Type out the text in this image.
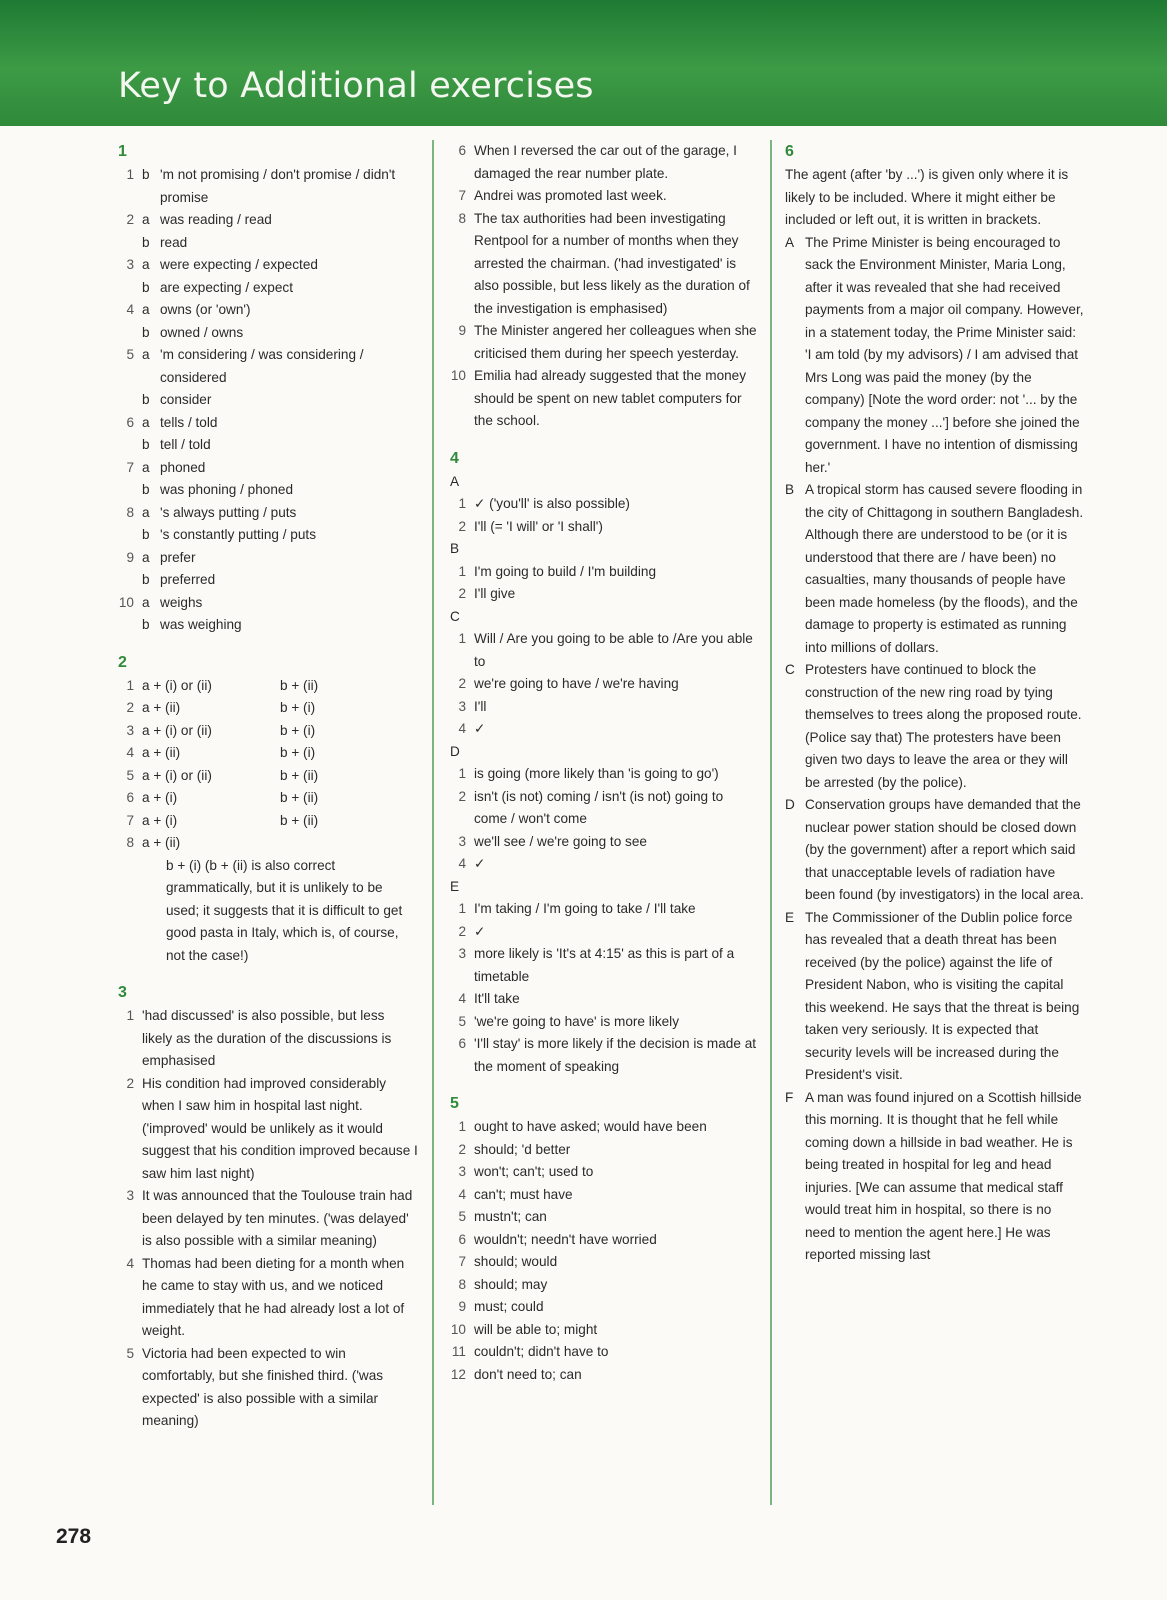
Key to Additional exercises
1
1 b 'm not promising / don't promise / didn't promise
2 a was reading / read
b read
3 a were expecting / expected
b are expecting / expect
4 a owns (or 'own')
b owned / owns
5 a 'm considering / was considering / considered
b consider
6 a tells / told
b tell / told
7 a phoned
b was phoning / phoned
8 a 's always putting / puts
b 's constantly putting / puts
9 a prefer
b preferred
10 a weighs
b was weighing
2
1 a + (i) or (ii)	b + (ii)
2 a + (ii)	b + (i)
3 a + (i) or (ii)	b + (i)
4 a + (ii)	b + (i)
5 a + (i) or (ii)	b + (ii)
6 a + (i)	b + (ii)
7 a + (i)	b + (ii)
8 a + (ii)
b + (i) (b + (ii) is also correct grammatically, but it is unlikely to be used; it suggests that it is difficult to get good pasta in Italy, which is, of course, not the case!)
3
1 'had discussed' is also possible, but less likely as the duration of the discussions is emphasised
2 His condition had improved considerably when I saw him in hospital last night. ('improved' would be unlikely as it would suggest that his condition improved because I saw him last night)
3 It was announced that the Toulouse train had been delayed by ten minutes. ('was delayed' is also possible with a similar meaning)
4 Thomas had been dieting for a month when he came to stay with us, and we noticed immediately that he had already lost a lot of weight.
5 Victoria had been expected to win comfortably, but she finished third. ('was expected' is also possible with a similar meaning)
6 When I reversed the car out of the garage, I damaged the rear number plate.
7 Andrei was promoted last week.
8 The tax authorities had been investigating Rentpool for a number of months when they arrested the chairman. ('had investigated' is also possible, but less likely as the duration of the investigation is emphasised)
9 The Minister angered her colleagues when she criticised them during her speech yesterday.
10 Emilia had already suggested that the money should be spent on new tablet computers for the school.
4
A
1 ✓ ('you'll' is also possible)
2 I'll (= 'I will' or 'I shall')
B
1 I'm going to build / I'm building
2 I'll give
C
1 Will / Are you going to be able to /Are you able to
2 we're going to have / we're having
3 I'll
4 ✓
D
1 is going (more likely than 'is going to go')
2 isn't (is not) coming / isn't (is not) going to come / won't come
3 we'll see / we're going to see
4 ✓
E
1 I'm taking / I'm going to take / I'll take
2 ✓
3 more likely is 'It's at 4:15' as this is part of a timetable
4 It'll take
5 'we're going to have' is more likely
6 'I'll stay' is more likely if the decision is made at the moment of speaking
5
1 ought to have asked; would have been
2 should; 'd better
3 won't; can't; used to
4 can't; must have
5 mustn't; can
6 wouldn't; needn't have worried
7 should; would
8 should; may
9 must; could
10 will be able to; might
11 couldn't; didn't have to
12 don't need to; can
6
The agent (after 'by ...') is given only where it is likely to be included. Where it might either be included or left out, it is written in brackets.
A The Prime Minister is being encouraged to sack the Environment Minister, Maria Long, after it was revealed that she had received payments from a major oil company. However, in a statement today, the Prime Minister said: 'I am told (by my advisors) / I am advised that Mrs Long was paid the money (by the company) [Note the word order: not '... by the company the money ...'] before she joined the government. I have no intention of dismissing her.'
B A tropical storm has caused severe flooding in the city of Chittagong in southern Bangladesh. Although there are understood to be (or it is understood that there are / have been) no casualties, many thousands of people have been made homeless (by the floods), and the damage to property is estimated as running into millions of dollars.
C Protesters have continued to block the construction of the new ring road by tying themselves to trees along the proposed route. (Police say that) The protesters have been given two days to leave the area or they will be arrested (by the police).
D Conservation groups have demanded that the nuclear power station should be closed down (by the government) after a report which said that unacceptable levels of radiation have been found (by investigators) in the local area.
E The Commissioner of the Dublin police force has revealed that a death threat has been received (by the police) against the life of President Nabon, who is visiting the capital this weekend. He says that the threat is being taken very seriously. It is expected that security levels will be increased during the President's visit.
F A man was found injured on a Scottish hillside this morning. It is thought that he fell while coming down a hillside in bad weather. He is being treated in hospital for leg and head injuries. [We can assume that medical staff would treat him in hospital, so there is no need to mention the agent here.] He was reported missing last
278
